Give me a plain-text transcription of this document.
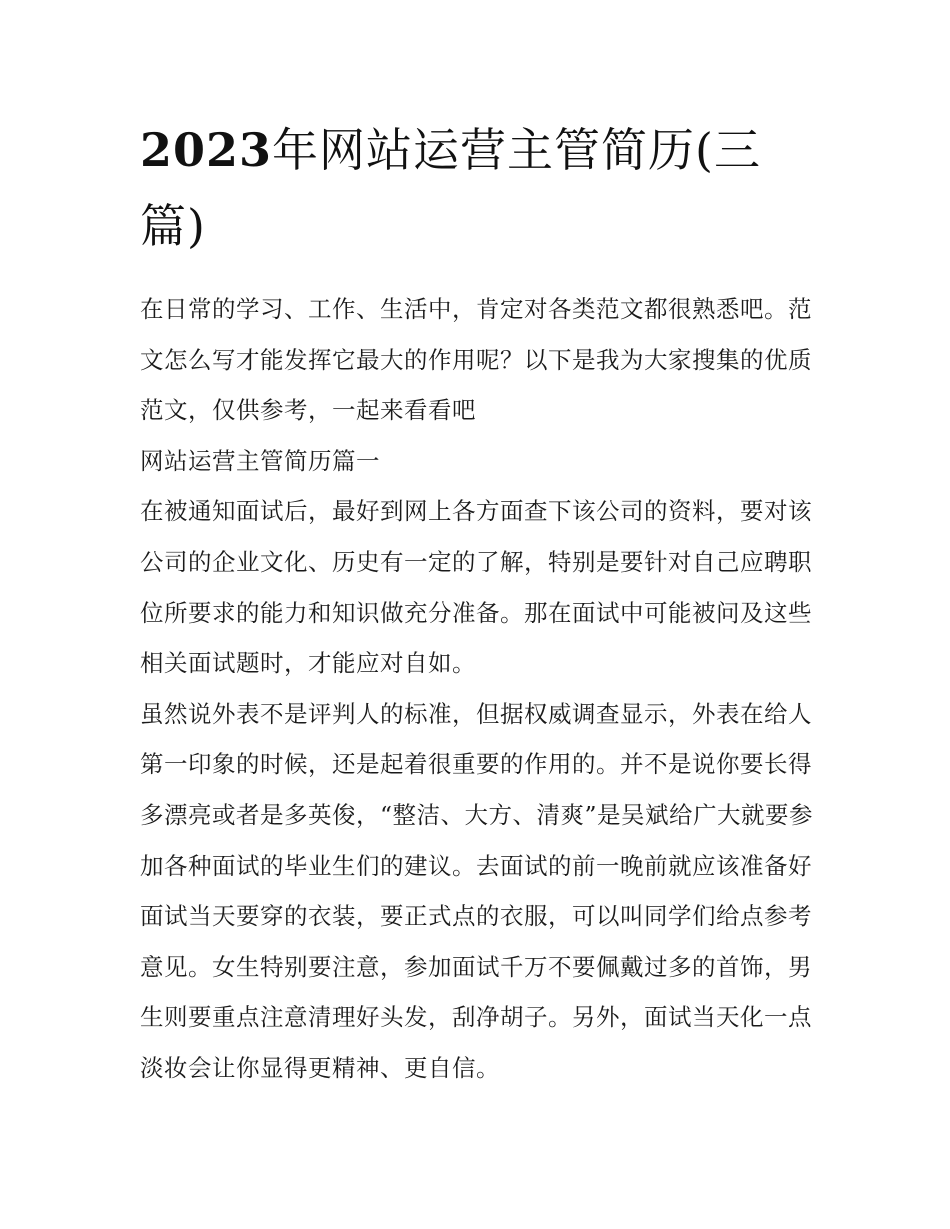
2023年网站运营主管简历(三篇)

在日常的学习、工作、生活中，肯定对各类范文都很熟悉吧。范文怎么写才能发挥它最大的作用呢？以下是我为大家搜集的优质范文，仅供参考，一起来看看吧

网站运营主管简历篇一

在被通知面试后，最好到网上各方面查下该公司的资料，要对该公司的企业文化、历史有一定的了解，特别是要针对自己应聘职位所要求的能力和知识做充分准备。那在面试中可能被问及这些相关面试题时，才能应对自如。

虽然说外表不是评判人的标准，但据权威调查显示，外表在给人第一印象的时候，还是起着很重要的作用的。并不是说你要长得多漂亮或者是多英俊，“整洁、大方、清爽”是吴斌给广大就要参加各种面试的毕业生们的建议。去面试的前一晚前就应该准备好面试当天要穿的衣装，要正式点的衣服，可以叫同学们给点参考意见。女生特别要注意，参加面试千万不要佩戴过多的首饰，男生则要重点注意清理好头发，刮净胡子。另外，面试当天化一点淡妆会让你显得更精神、更自信。
